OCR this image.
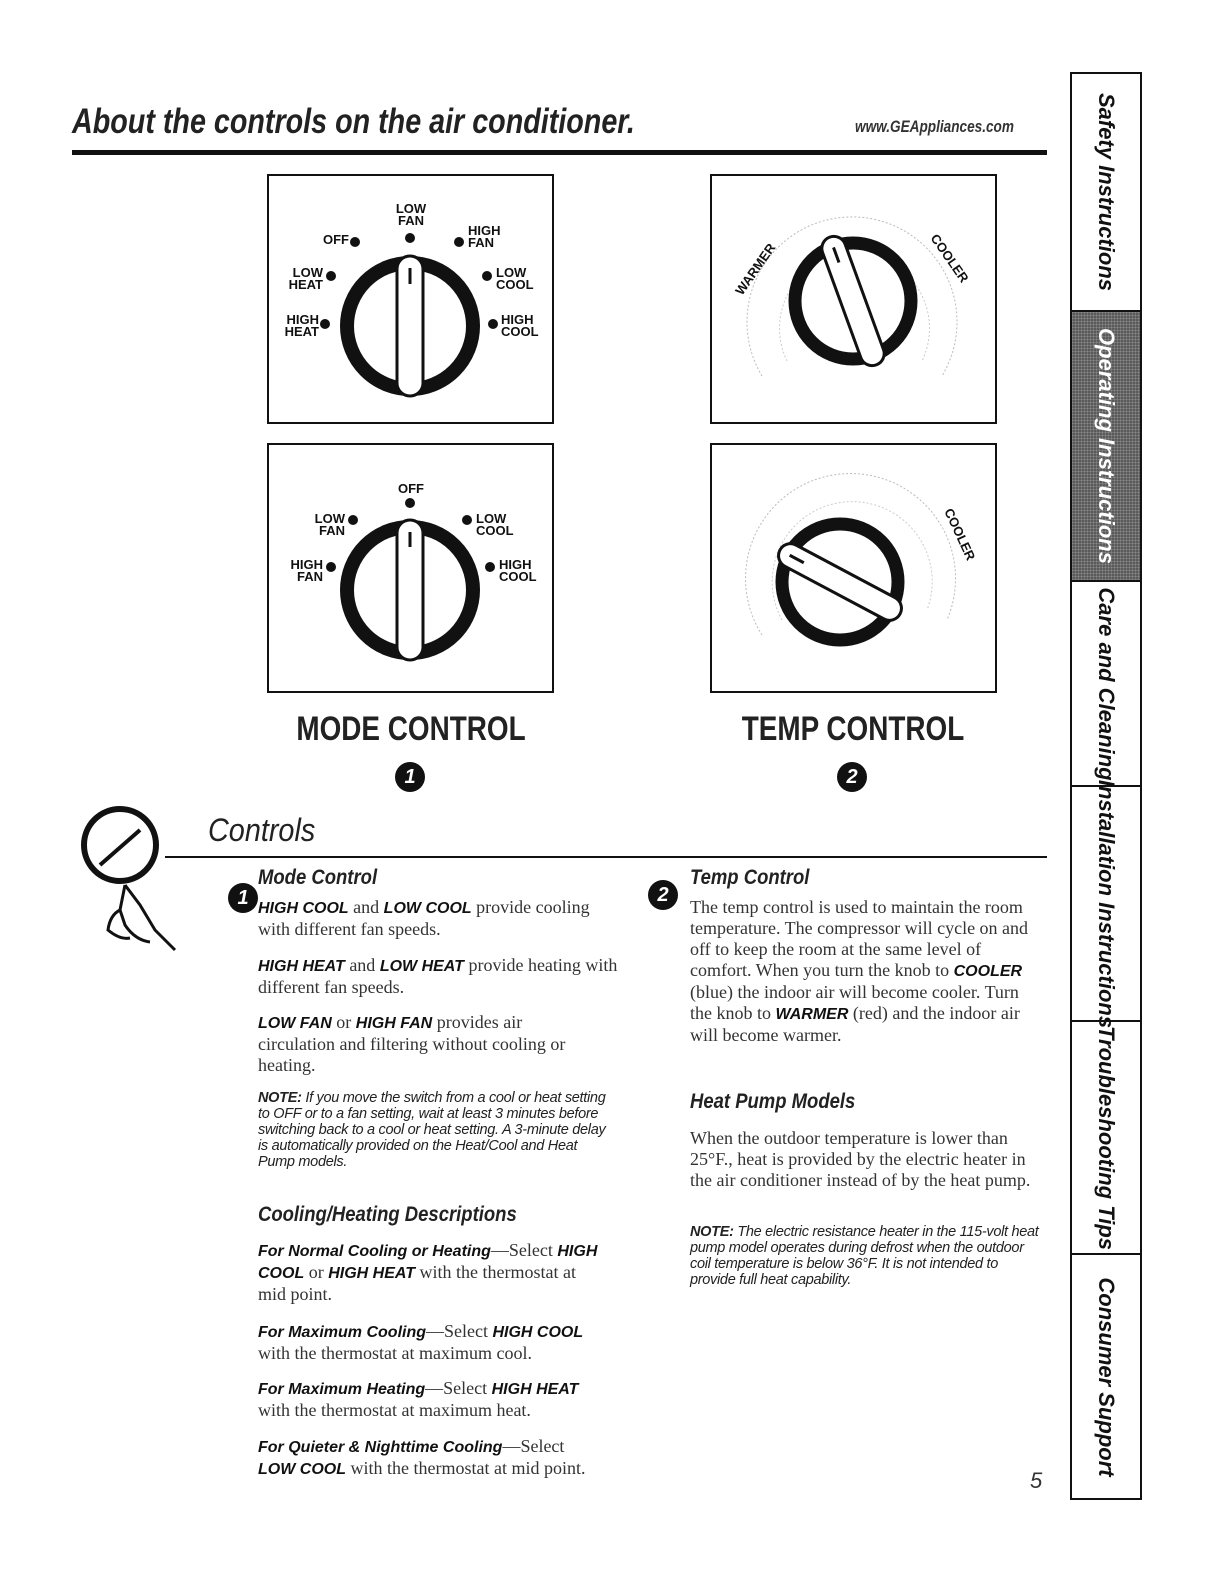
About the controls on the air conditioner.	www.GEAppliances.com
LOW
FAN
OFF
HIGH
FAN
LOW
HEAT
LOW
COOL
HIGH
HEAT
HIGH
COOL
OFF
LOW
FAN
LOW
COOL
HIGH
FAN
HIGH
COOL
WARMER	COOLER
COOLER
MODE CONTROL	TEMP CONTROL
1	2
Controls
1
Mode Control
HIGH COOL and LOW COOL provide cooling with different fan speeds.
HIGH HEAT and LOW HEAT provide heating with different fan speeds.
LOW FAN or HIGH FAN provides air circulation and filtering without cooling or heating.
NOTE: If you move the switch from a cool or heat setting to OFF or to a fan setting, wait at least 3 minutes before switching back to a cool or heat setting. A 3-minute delay is automatically provided on the Heat/Cool and Heat Pump models.
Cooling/Heating Descriptions
For Normal Cooling or Heating—Select HIGH COOL or HIGH HEAT with the thermostat at mid point.
For Maximum Cooling—Select HIGH COOL with the thermostat at maximum cool.
For Maximum Heating—Select HIGH HEAT with the thermostat at maximum heat.
For Quieter & Nighttime Cooling—Select LOW COOL with the thermostat at mid point.
2
Temp Control
The temp control is used to maintain the room temperature. The compressor will cycle on and off to keep the room at the same level of comfort. When you turn the knob to COOLER (blue) the indoor air will become cooler. Turn the knob to WARMER (red) and the indoor air will become warmer.
Heat Pump Models
When the outdoor temperature is lower than 25°F., heat is provided by the electric heater in the air conditioner instead of by the heat pump.
NOTE: The electric resistance heater in the 115-volt heat pump model operates during defrost when the outdoor coil temperature is below 36°F. It is not intended to provide full heat capability.
Safety Instructions
Operating Instructions
Care and Cleaning
Installation Instructions
Troubleshooting Tips
Consumer Support
5
